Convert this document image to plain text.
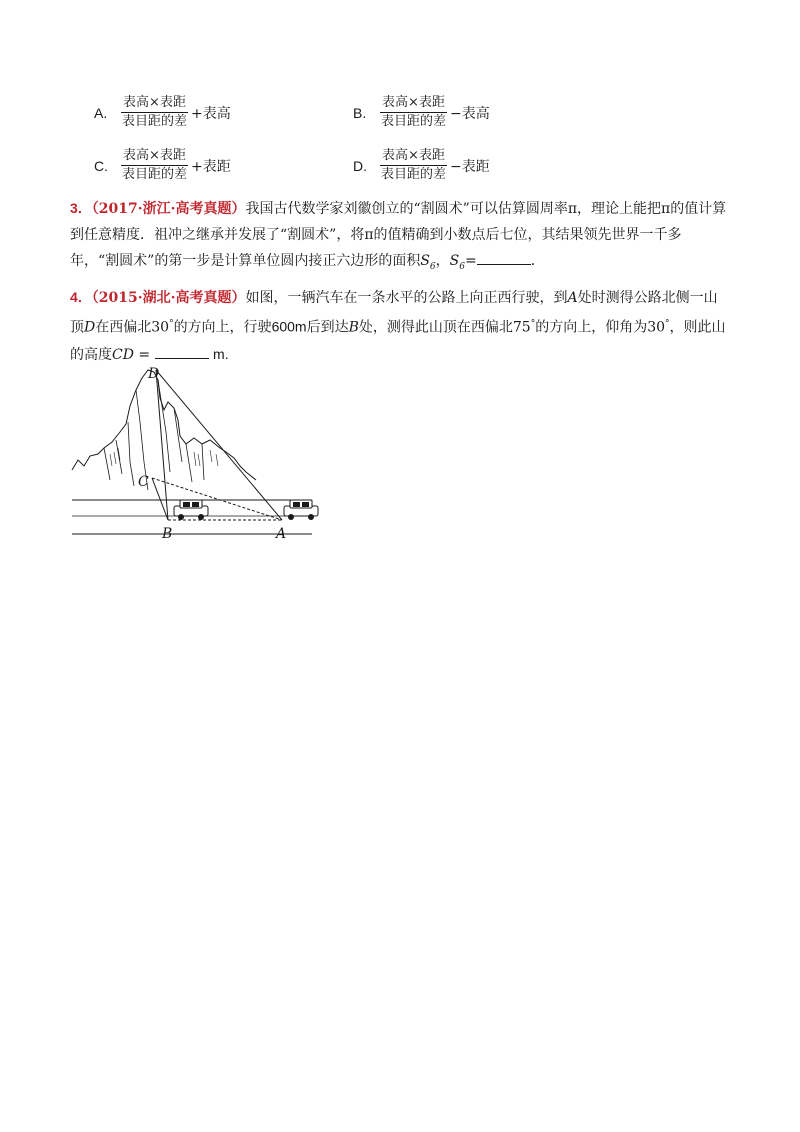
A. $\frac{\text{表高×表距}}{\text{表目距的差}}$ +表高	B. $\frac{\text{表高×表距}}{\text{表目距的差}}$ −表高
C. $\frac{\text{表高×表距}}{\text{表目距的差}}$ +表距	D. $\frac{\text{表高×表距}}{\text{表目距的差}}$ −表距
3．（2017·浙江·高考真题）我国古代数学家刘徽创立的“割圆术”可以估算圆周率π，理论上能把π的值计算到任意精度．祖冲之继承并发展了“割圆术”，将π的值精确到小数点后七位，其结果领先世界一千多年，“割圆术”的第一步是计算单位圆内接正六边形的面积$S_6$，$S_6=$	．
4．（2015·湖北·高考真题）如图，一辆汽车在一条水平的公路上向正西行驶，到A处时测得公路北侧一山顶D在西偏北30°的方向上，行驶600m后到达B处，测得此山顶在西偏北75°的方向上，仰角为30°，则此山的高度CD =	m.
D
C
B	A
